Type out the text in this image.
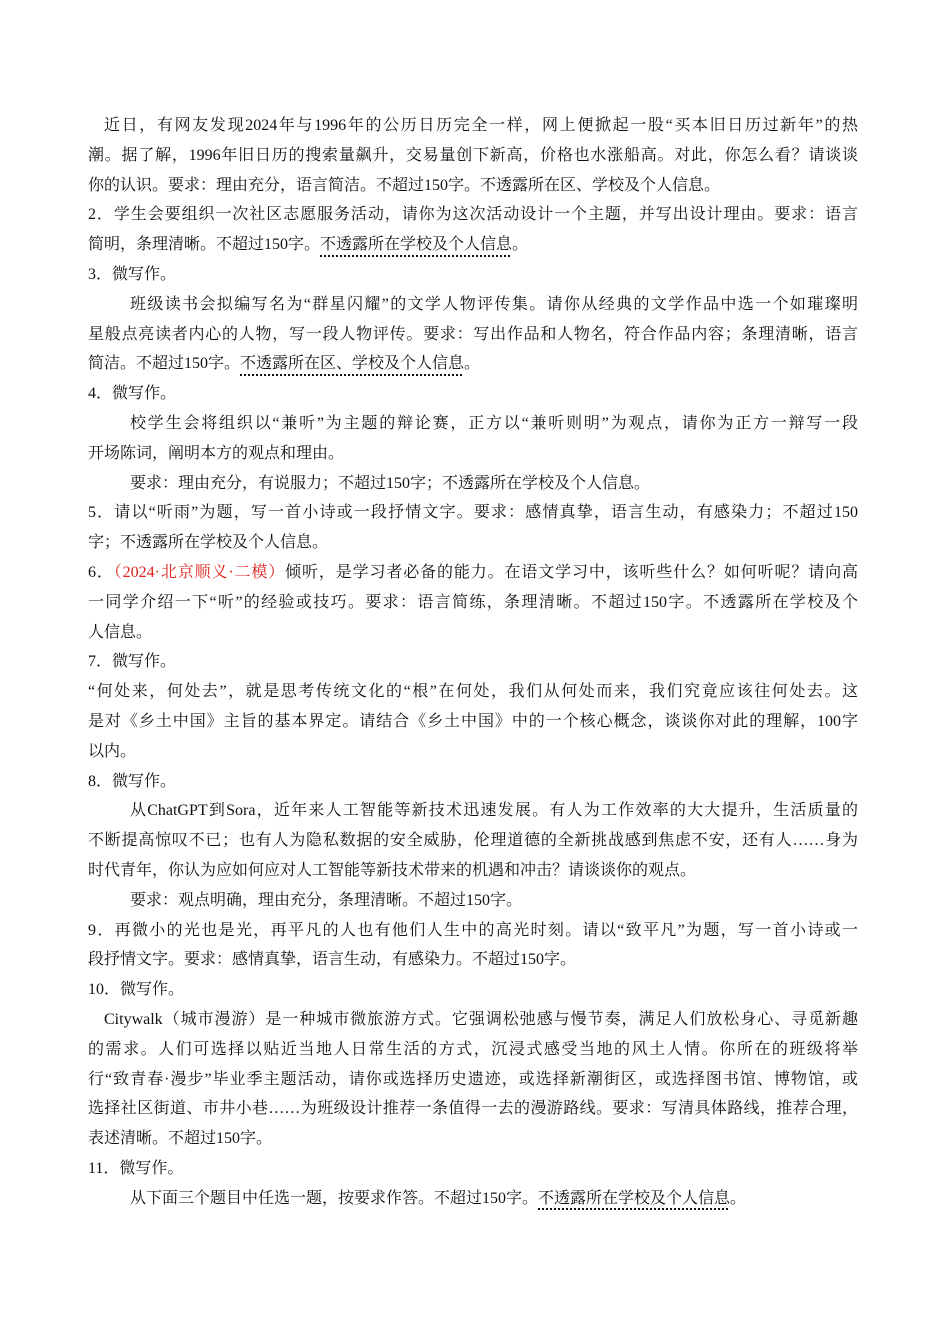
近日，有网友发现2024年与1996年的公历日历完全一样，网上便掀起一股“买本旧日历过新年”的热
潮。据了解，1996年旧日历的搜索量飙升，交易量创下新高，价格也水涨船高。对此，你怎么看？请谈谈
你的认识。要求：理由充分，语言简洁。不超过150字。不透露所在区、学校及个人信息。
2．学生会要组织一次社区志愿服务活动，请你为这次活动设计一个主题，并写出设计理由。要求：语言
简明，条理清晰。不超过150字。不透露所在学校及个人信息。
3．微写作。
班级读书会拟编写名为“群星闪耀”的文学人物评传集。请你从经典的文学作品中选一个如璀璨明
星般点亮读者内心的人物，写一段人物评传。要求：写出作品和人物名，符合作品内容；条理清晰，语言
简洁。不超过150字。不透露所在区、学校及个人信息。
4．微写作。
校学生会将组织以“兼听”为主题的辩论赛，正方以“兼听则明”为观点，请你为正方一辩写一段
开场陈词，阐明本方的观点和理由。
要求：理由充分，有说服力；不超过150字；不透露所在学校及个人信息。
5．请以“听雨”为题，写一首小诗或一段抒情文字。要求：感情真挚，语言生动，有感染力；不超过150
字；不透露所在学校及个人信息。
6．（2024·北京顺义·二模）倾听，是学习者必备的能力。在语文学习中，该听些什么？如何听呢？请向高
一同学介绍一下“听”的经验或技巧。要求：语言简练，条理清晰。不超过150字。不透露所在学校及个
人信息。
7．微写作。
“何处来，何处去”，就是思考传统文化的“根”在何处，我们从何处而来，我们究竟应该往何处去。这
是对《乡土中国》主旨的基本界定。请结合《乡土中国》中的一个核心概念，谈谈你对此的理解，100字
以内。
8．微写作。
从ChatGPT到Sora，近年来人工智能等新技术迅速发展。有人为工作效率的大大提升，生活质量的
不断提高惊叹不已；也有人为隐私数据的安全威胁，伦理道德的全新挑战感到焦虑不安，还有人……身为
时代青年，你认为应如何应对人工智能等新技术带来的机遇和冲击？请谈谈你的观点。
要求：观点明确，理由充分，条理清晰。不超过150字。
9．再微小的光也是光，再平凡的人也有他们人生中的高光时刻。请以“致平凡”为题，写一首小诗或一
段抒情文字。要求：感情真挚，语言生动，有感染力。不超过150字。
10．微写作。
Citywalk（城市漫游）是一种城市微旅游方式。它强调松弛感与慢节奏，满足人们放松身心、寻觅新趣
的需求。人们可选择以贴近当地人日常生活的方式，沉浸式感受当地的风土人情。你所在的班级将举
行“致青春·漫步”毕业季主题活动，请你或选择历史遗迹，或选择新潮街区，或选择图书馆、博物馆，或
选择社区街道、市井小巷……为班级设计推荐一条值得一去的漫游路线。要求：写清具体路线，推荐合理，
表述清晰。不超过150字。
11．微写作。
从下面三个题目中任选一题，按要求作答。不超过150字。不透露所在学校及个人信息。
